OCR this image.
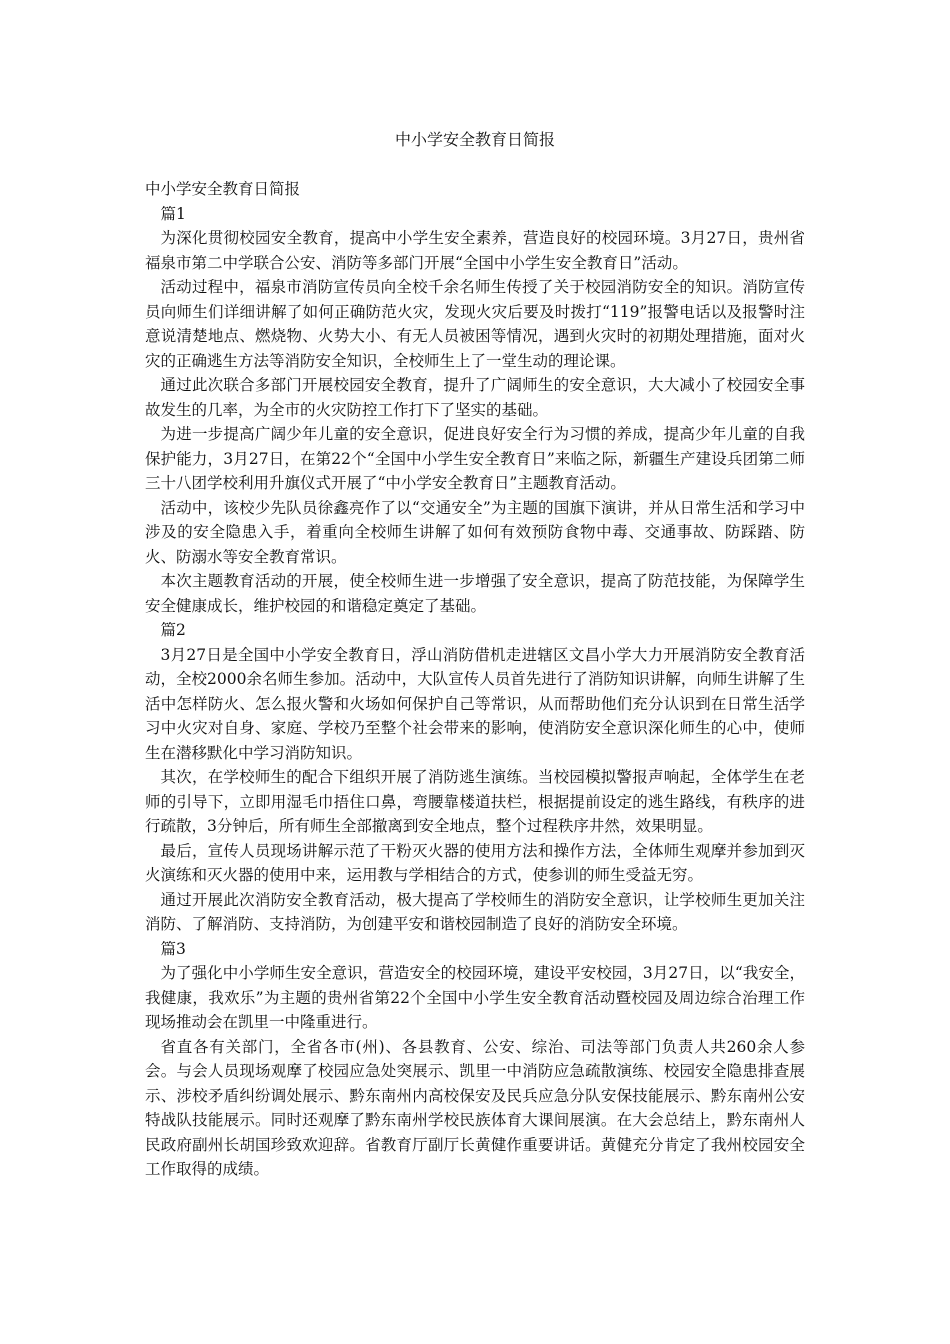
中小学安全教育日简报

中小学安全教育日简报

篇1

为深化贯彻校园安全教育，提高中小学生安全素养，营造良好的校园环境。3月27日，贵州省福泉市第二中学联合公安、消防等多部门开展“全国中小学生安全教育日”活动。

活动过程中，福泉市消防宣传员向全校千余名师生传授了关于校园消防安全的知识。消防宣传员向师生们详细讲解了如何正确防范火灾，发现火灾后要及时拨打“119”报警电话以及报警时注意说清楚地点、燃烧物、火势大小、有无人员被困等情况，遇到火灾时的初期处理措施，面对火灾的正确逃生方法等消防安全知识，全校师生上了一堂生动的理论课。

通过此次联合多部门开展校园安全教育，提升了广阔师生的安全意识，大大减小了校园安全事故发生的几率，为全市的火灾防控工作打下了坚实的基础。

为进一步提高广阔少年儿童的安全意识，促进良好安全行为习惯的养成，提高少年儿童的自我保护能力，3月27日，在第22个“全国中小学生安全教育日”来临之际，新疆生产建设兵团第二师三十八团学校利用升旗仪式开展了“中小学安全教育日”主题教育活动。

活动中，该校少先队员徐鑫亮作了以“交通安全”为主题的国旗下演讲，并从日常生活和学习中涉及的安全隐患入手，着重向全校师生讲解了如何有效预防食物中毒、交通事故、防踩踏、防火、防溺水等安全教育常识。

本次主题教育活动的开展，使全校师生进一步增强了安全意识，提高了防范技能，为保障学生安全健康成长，维护校园的和谐稳定奠定了基础。

篇2

3月27日是全国中小学安全教育日，浮山消防借机走进辖区文昌小学大力开展消防安全教育活动，全校2000余名师生参加。活动中，大队宣传人员首先进行了消防知识讲解，向师生讲解了生活中怎样防火、怎么报火警和火场如何保护自己等常识，从而帮助他们充分认识到在日常生活学习中火灾对自身、家庭、学校乃至整个社会带来的影响，使消防安全意识深化师生的心中，使师生在潜移默化中学习消防知识。

其次，在学校师生的配合下组织开展了消防逃生演练。当校园模拟警报声响起，全体学生在老师的引导下，立即用湿毛巾捂住口鼻，弯腰靠楼道扶栏，根据提前设定的逃生路线，有秩序的进行疏散，3分钟后，所有师生全部撤离到安全地点，整个过程秩序井然，效果明显。

最后，宣传人员现场讲解示范了干粉灭火器的使用方法和操作方法，全体师生观摩并参加到灭火演练和灭火器的使用中来，运用教与学相结合的方式，使参训的师生受益无穷。

通过开展此次消防安全教育活动，极大提高了学校师生的消防安全意识，让学校师生更加关注消防、了解消防、支持消防，为创建平安和谐校园制造了良好的消防安全环境。

篇3

为了强化中小学师生安全意识，营造安全的校园环境，建设平安校园，3月27日，以“我安全，我健康，我欢乐”为主题的贵州省第22个全国中小学生安全教育活动暨校园及周边综合治理工作现场推动会在凯里一中隆重进行。

省直各有关部门，全省各市(州)、各县教育、公安、综治、司法等部门负责人共260余人参会。与会人员现场观摩了校园应急处突展示、凯里一中消防应急疏散演练、校园安全隐患排查展示、涉校矛盾纠纷调处展示、黔东南州内高校保安及民兵应急分队安保技能展示、黔东南州公安特战队技能展示。同时还观摩了黔东南州学校民族体育大课间展演。在大会总结上，黔东南州人民政府副州长胡国珍致欢迎辞。省教育厅副厅长黄健作重要讲话。黄健充分肯定了我州校园安全工作取得的成绩。
